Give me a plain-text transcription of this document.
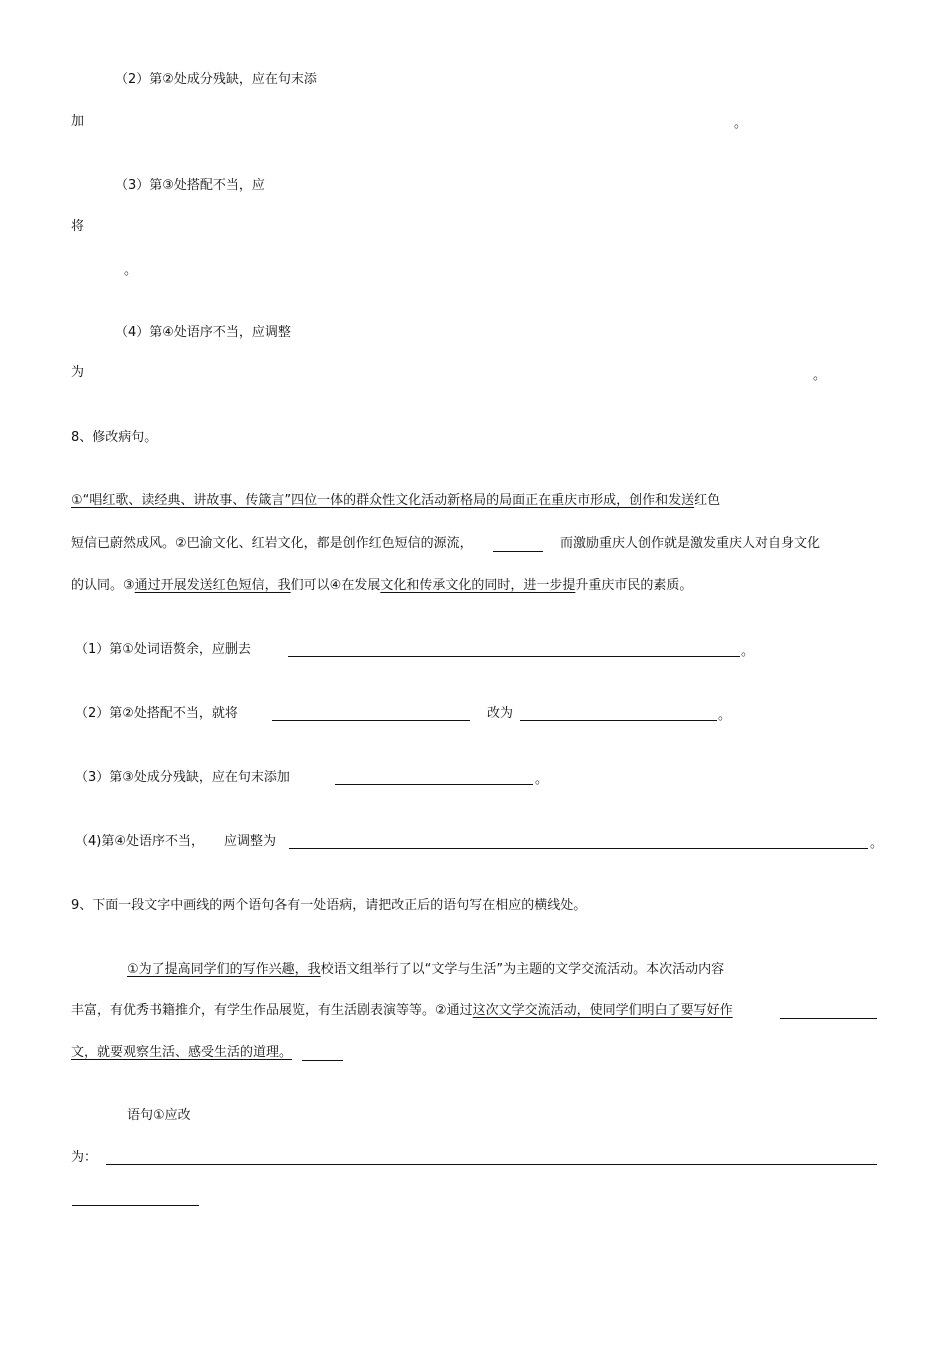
（2）第②处成分残缺，应在句末添
加	。
（3）第③处搭配不当，应
将
。
（4）第④处语序不当，应调整
为	。
8、修改病句。
①“唱红歌、读经典、讲故事、传箴言”四位一体的群众性文化活动新格局的局面正在重庆市形成，创作和发送红色
短信已蔚然成风。②巴渝文化、红岩文化，都是创作红色短信的源流，	而激励重庆人创作就是激发重庆人对自身文化
的认同。③通过开展发送红色短信，我们可以④在发展文化和传承文化的同时，进一步提升重庆市民的素质。
（1）第①处词语赘余，应删去	。
（2）第②处搭配不当，就将	改为	。
（3）第③处成分残缺，应在句末添加	。
（4)第④处语序不当， 应调整为	。
9、下面一段文字中画线的两个语句各有一处语病，请把改正后的语句写在相应的横线处。
①为了提高同学们的写作兴趣，我校语文组举行了以“文学与生活”为主题的文学交流活动。本次活动内容
丰富，有优秀书籍推介，有学生作品展览，有生活剧表演等等。②通过这次文学交流活动，使同学们明白了要写好作
文，就要观察生活、感受生活的道理。
语句①应改
为：
